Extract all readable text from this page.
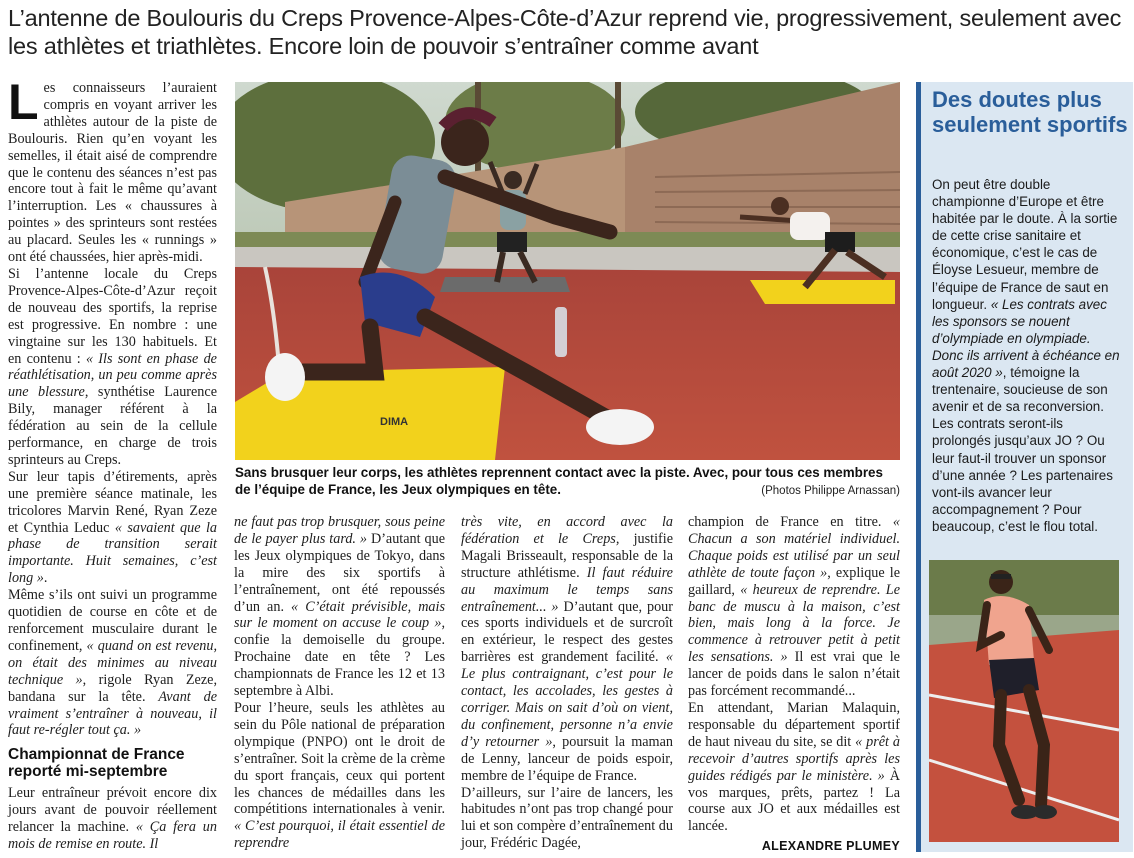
L’antenne de Boulouris du Creps Provence-Alpes-Côte-d’Azur reprend vie, progressivement, seulement avec les athlètes et triathlètes. Encore loin de pouvoir s’entraîner comme avant

Les connaisseurs l’auraient compris en voyant arriver les athlètes autour de la piste de Boulouris. Rien qu’en voyant les semelles, il était aisé de comprendre que le contenu des séances n’est pas encore tout à fait le même qu’avant l’interruption. Les « chaussures à pointes » des sprinteurs sont restées au placard. Seules les « runnings » ont été chaussées, hier après-midi.

Si l’antenne locale du Creps Provence-Alpes-Côte-d’Azur reçoit de nouveau des sportifs, la reprise est progressive. En nombre : une vingtaine sur les 130 habituels. Et en contenu : « Ils sont en phase de réathlétisation, un peu comme après une blessure, synthétise Laurence Bily, manager référent à la fédération au sein de la cellule performance, en charge de trois sprinteurs au Creps.

Sur leur tapis d’étirements, après une première séance matinale, les tricolores Marvin René, Ryan Zeze et Cynthia Leduc « savaient que la phase de transition serait importante. Huit semaines, c’est long ».

Même s’ils ont suivi un programme quotidien de course en côte et de renforcement musculaire durant le confinement, « quand on est revenu, on était des minimes au niveau technique », rigole Ryan Zeze, bandana sur la tête. Avant de vraiment s’entraîner à nouveau, il faut re-régler tout ça. »

Championnat de France reporté mi-septembre

Leur entraîneur prévoit encore dix jours avant de pouvoir réellement relancer la machine. « Ça fera un mois de remise en route. Il

DIMA
Sans brusquer leur corps, les athlètes reprennent contact avec la piste. Avec, pour tous ces membres de l’équipe de France, les Jeux olympiques en tête.	(Photos Philippe Arnassan)

ne faut pas trop brusquer, sous peine de le payer plus tard. » D’autant que les Jeux olympiques de Tokyo, dans la mire des six sportifs à l’entraînement, ont été repoussés d’un an. « C’était prévisible, mais sur le moment on accuse le coup », confie la demoiselle du groupe. Prochaine date en tête ? Les championnats de France les 12 et 13 septembre à Albi.

Pour l’heure, seuls les athlètes au sein du Pôle national de préparation olympique (PNPO) ont le droit de s’entraîner. Soit la crème de la crème du sport français, ceux qui portent les chances de médailles dans les compétitions internationales à venir. « C’est pourquoi, il était essentiel de reprendre

très vite, en accord avec la fédération et le Creps, justifie Magali Brisseault, responsable de la structure athlétisme. Il faut réduire au maximum le temps sans entraînement... » D’autant que, pour ces sports individuels et de surcroît en extérieur, le respect des gestes barrières est grandement facilité. « Le plus contraignant, c’est pour le contact, les accolades, les gestes à corriger. Mais on sait d’où on vient, du confinement, personne n’a envie d’y retourner », poursuit la maman de Lenny, lanceur de poids espoir, membre de l’équipe de France.

D’ailleurs, sur l’aire de lancers, les habitudes n’ont pas trop changé pour lui et son compère d’entraînement du jour, Frédéric Dagée,

champion de France en titre. « Chacun a son matériel individuel. Chaque poids est utilisé par un seul athlète de toute façon », explique le gaillard, « heureux de reprendre. Le banc de muscu à la maison, c’est bien, mais long à la force. Je commence à retrouver petit à petit les sensations. » Il est vrai que le lancer de poids dans le salon n’était pas forcément recommandé...

En attendant, Marian Malaquin, responsable du département sportif de haut niveau du site, se dit « prêt à recevoir d’autres sportifs après les guides rédigés par le ministère. » À vos marques, prêts, partez ! La course aux JO et aux médailles est lancée.

ALEXANDRE PLUMEY
Des doutes plus seulement sportifs

On peut être double championne d’Europe et être habitée par le doute. À la sortie de cette crise sanitaire et économique, c’est le cas de Éloyse Lesueur, membre de l’équipe de France de saut en longueur. « Les contrats avec les sponsors se nouent d’olympiade en olympiade. Donc ils arrivent à échéance en août 2020 », témoigne la trentenaire, soucieuse de son avenir et de sa reconversion. Les contrats seront-ils prolongés jusqu’aux JO ? Ou leur faut-il trouver un sponsor d’une année ? Les partenaires vont-ils avancer leur accompagnement ? Pour beaucoup, c’est le flou total.
